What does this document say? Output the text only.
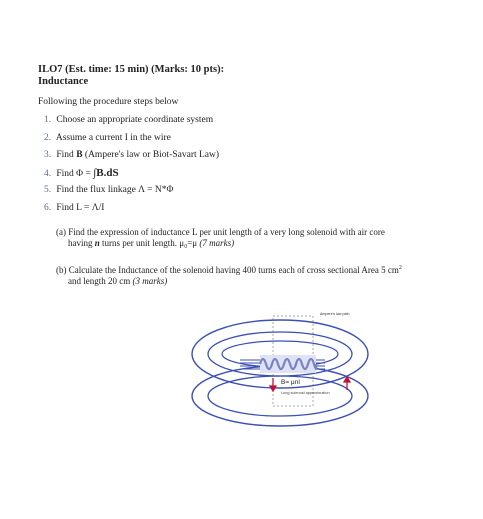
ILO7 (Est. time: 15 min) (Marks: 10 pts):
Inductance
Following the procedure steps below
1. Choose an appropriate coordinate system
2. Assume a current I in the wire
3. Find B (Ampere's law or Biot-Savart Law)
4. Find Φ = ∫B.dS
5. Find the flux linkage Λ = N*Φ
6. Find L = Λ/I
(a) Find the expression of inductance L per unit length of a very long solenoid with air core
having n turns per unit length. μ₀=μ (7 marks)
(b) Calculate the Inductance of the solenoid having 400 turns each of cross sectional Area 5 $cm^2$
and length 20 cm (3 marks)
Ampere's law path
B= μnI
Long solenoid approximation
